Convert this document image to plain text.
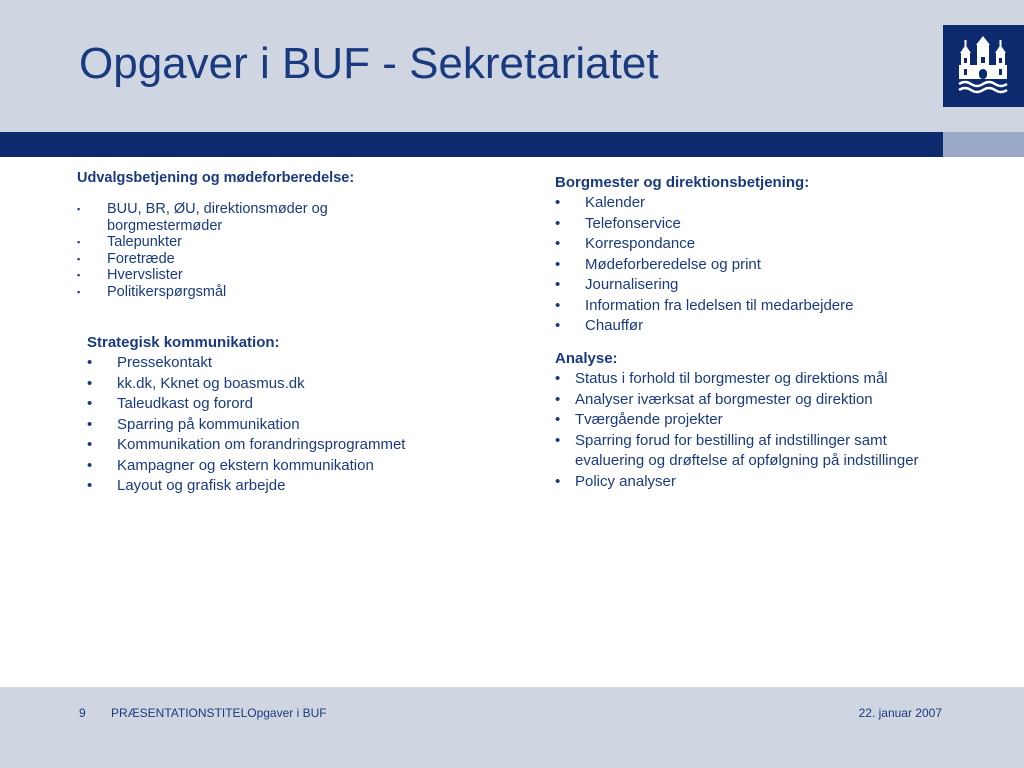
Opgaver i BUF - Sekretariatet

Udvalgsbetjening og mødeforberedelse:

▪ BUU, BR, ØU, direktionsmøder og borgmestermøder
▪ Talepunkter
▪ Foretræde
▪ Hvervslister
▪ Politikerspørgsmål

Strategisk kommunikation:

• Pressekontakt
• kk.dk, Kknet og boasmus.dk
• Taleudkast og forord
• Sparring på kommunikation
• Kommunikation om forandringsprogrammet
• Kampagner og ekstern kommunikation
• Layout og grafisk arbejde

Borgmester og direktionsbetjening:

• Kalender
• Telefonservice
• Korrespondance
• Mødeforberedelse og print
• Journalisering
• Information fra ledelsen til medarbejdere
• Chauffør

Analyse:

• Status i forhold til borgmester og direktions mål
• Analyser iværksat af borgmester og direktion
• Tværgående projekter
• Sparring forud for bestilling af indstillinger samt evaluering og drøftelse af opfølgning på indstillinger
• Policy analyser
9 PRÆSENTATIONSTITELOpgaver i BUF	22. januar 2007
